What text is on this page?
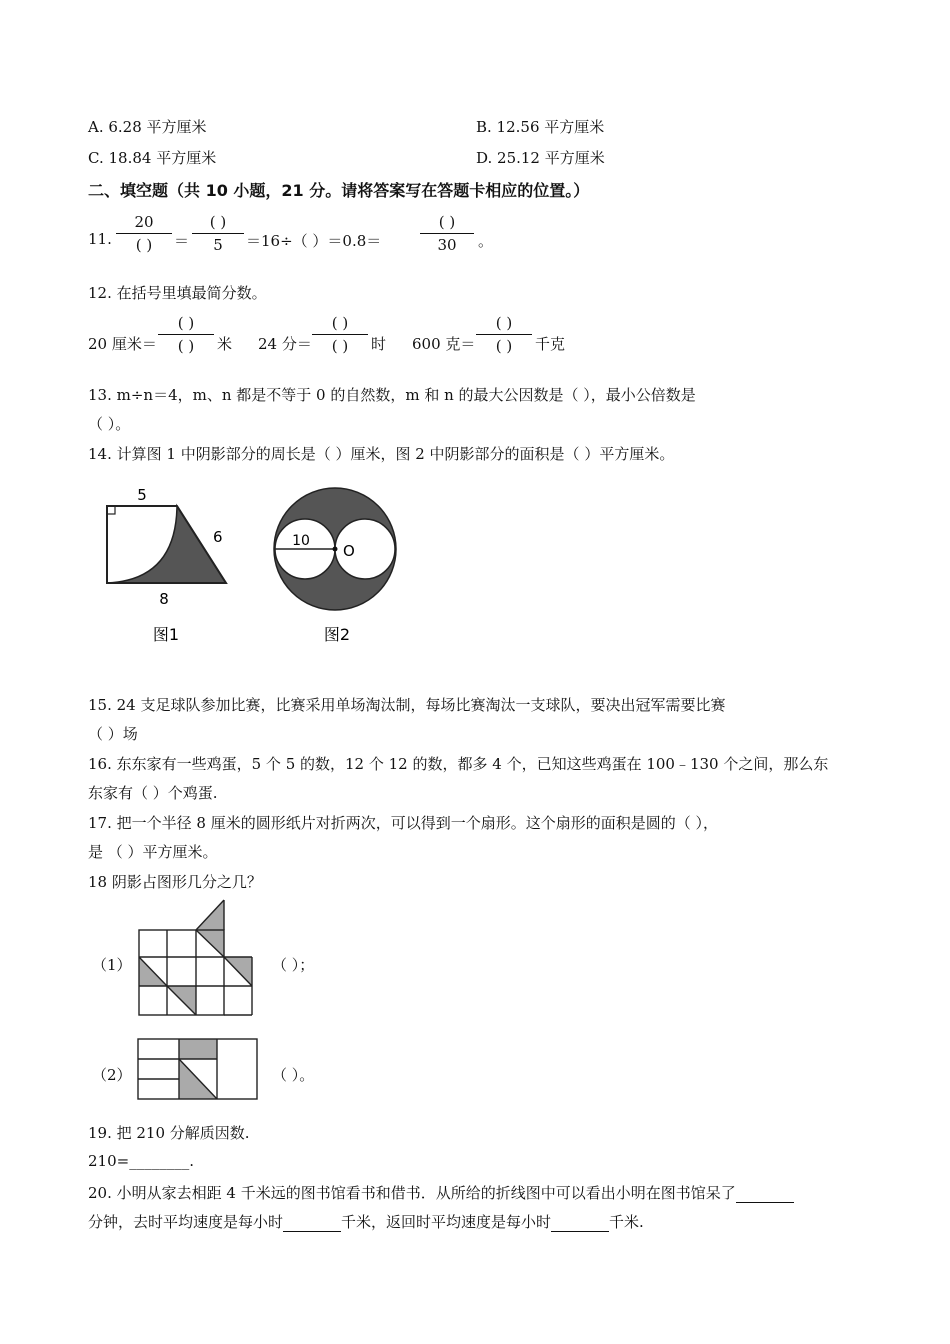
A. 6.28 平方厘米	B. 12.56 平方厘米
C. 18.84 平方厘米	D. 25.12 平方厘米
二、填空题（共 10 小题，21 分。请将答案写在答题卡相应的位置。）
11.
20
( )	＝
( )
5	＝16÷（ ）＝0.8＝
( )
30	。
12. 在括号里填最简分数。
20 厘米＝
( )
( )	米 24 分＝
( )
( )	时 600 克＝
( )
( )	千克
13. m÷n＝4，m、n 都是不等于 0 的自然数，m 和 n 的最大公因数是（ ），最小公倍数是
（ ）。
14. 计算图 1 中阴影部分的周长是（ ）厘米，图 2 中阴影部分的面积是（ ）平方厘米。
5
6
8
图1
10
O
图2
15. 24 支足球队参加比赛，比赛采用单场淘汰制，每场比赛淘汰一支球队，要决出冠军需要比赛
（ ）场
16. 东东家有一些鸡蛋，5 个 5 的数，12 个 12 的数，都多 4 个，已知这些鸡蛋在 100﹣130 个之间，那么东
东家有（ ）个鸡蛋.
17. 把一个半径 8 厘米的圆形纸片对折两次，可以得到一个扇形。这个扇形的面积是圆的（ ），
是 （ ）平方厘米。
18 阴影占图形几分之几？
（1）	（ ）；
（2）	（ ）。
19. 把 210 分解质因数.
210=________.
20. 小明从家去相距 4 千米远的图书馆看书和借书．从所给的折线图中可以看出小明在图书馆呆了
分钟，去时平均速度是每小时	千米，返回时平均速度是每小时	千米.
